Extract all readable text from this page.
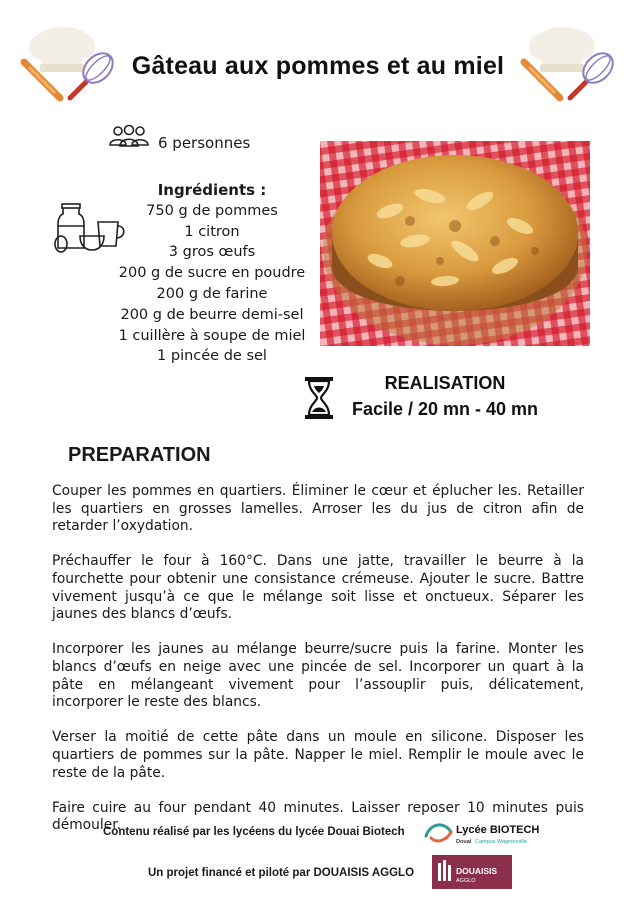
Gâteau aux pommes et au miel
6 personnes
Ingrédients :
750 g de pommes
1 citron
3 gros œufs
200 g de sucre en poudre
200 g de farine
200 g de beurre demi-sel
1 cuillère à soupe de miel
1 pincée de sel
REALISATION
Facile / 20 mn - 40 mn
PREPARATION

Couper les pommes en quartiers. Éliminer le cœur et éplucher les. Retailler les quartiers en grosses lamelles. Arroser les du jus de citron afin de retarder l’oxydation.

Préchauffer le four à 160°C. Dans une jatte, travailler le beurre à la fourchette pour obtenir une consistance crémeuse. Ajouter le sucre. Battre vivement jusqu’à ce que le mélange soit lisse et onctueux. Séparer les jaunes des blancs d’œufs.

Incorporer les jaunes au mélange beurre/sucre puis la farine. Monter les blancs d’œufs en neige avec une pincée de sel. Incorporer un quart à la pâte en mélangeant vivement pour l’assouplir puis, délicatement, incorporer le reste des blancs.

Verser la moitié de cette pâte dans un moule en silicone. Disposer les quartiers de pommes sur la pâte. Napper le miel. Remplir le moule avec le reste de la pâte.

Faire cuire au four pendant 40 minutes. Laisser reposer 10 minutes puis démouler.

Contenu réalisé par les lycéens du lycée Douai Biotech	Lycée BIOTECH
Douai Campus Wagnonville
Un projet financé et piloté par DOUAISIS AGGLO	DOUAISIS
AGGLO
